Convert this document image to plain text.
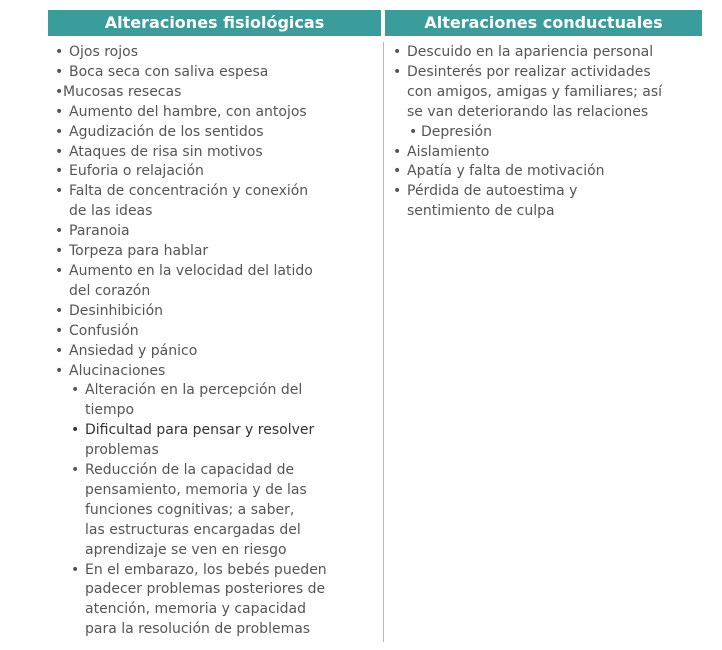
Alteraciones fisiológicas	Alteraciones conductuales
• Ojos rojos
• Boca seca con saliva espesa
• Mucosas resecas
• Aumento del hambre, con antojos
• Agudización de los sentidos
• Ataques de risa sin motivos
• Euforia o relajación
• Falta de concentración y conexión
de las ideas
• Paranoia
• Torpeza para hablar
• Aumento en la velocidad del latido
del corazón
• Desinhibición
• Confusión
• Ansiedad y pánico
• Alucinaciones
• Alteración en la percepción del
tiempo
• Dificultad para pensar y resolver
problemas
• Reducción de la capacidad de
pensamiento, memoria y de las
funciones cognitivas; a saber,
las estructuras encargadas del
aprendizaje se ven en riesgo
• En el embarazo, los bebés pueden
padecer problemas posteriores de
atención, memoria y capacidad
para la resolución de problemas
• Descuido en la apariencia personal
• Desinterés por realizar actividades
con amigos, amigas y familiares; así
se van deteriorando las relaciones
• Depresión
• Aislamiento
• Apatía y falta de motivación
• Pérdida de autoestima y
sentimiento de culpa
